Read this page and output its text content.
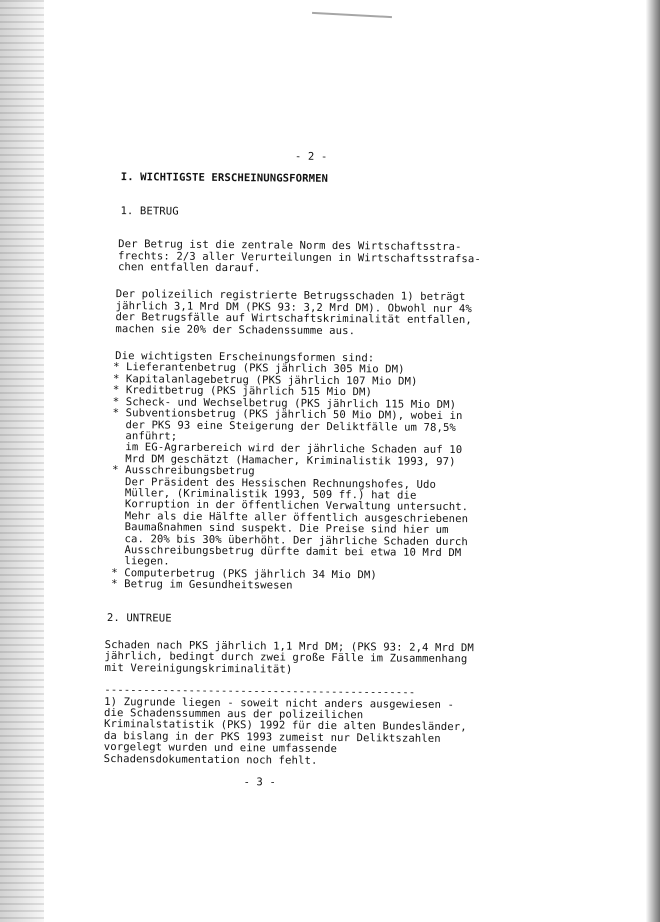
- 2 -
I. WICHTIGSTE ERSCHEINUNGSFORMEN
1. BETRUG
Der Betrug ist die zentrale Norm des Wirtschaftsstra-
frechts: 2/3 aller Verurteilungen in Wirtschaftsstrafsa-
chen entfallen darauf.
Der polizeilich registrierte Betrugsschaden 1) beträgt
jährlich 3,1 Mrd DM (PKS 93: 3,2 Mrd DM). Obwohl nur 4%
der Betrugsfälle auf Wirtschaftskriminalität entfallen,
machen sie 20% der Schadenssumme aus.
Die wichtigsten Erscheinungsformen sind:
* Lieferantenbetrug (PKS jährlich 305 Mio DM)
* Kapitalanlagebetrug (PKS jährlich 107 Mio DM)
* Kreditbetrug (PKS jährlich 515 Mio DM)
* Scheck- und Wechselbetrug (PKS jährlich 115 Mio DM)
* Subventionsbetrug (PKS jährlich 50 Mio DM), wobei in
der PKS 93 eine Steigerung der Deliktfälle um 78,5%
anführt;
im EG-Agrarbereich wird der jährliche Schaden auf 10
Mrd DM geschätzt (Hamacher, Kriminalistik 1993, 97)
* Ausschreibungsbetrug
Der Präsident des Hessischen Rechnungshofes, Udo
Müller, (Kriminalistik 1993, 509 ff.) hat die
Korruption in der öffentlichen Verwaltung untersucht.
Mehr als die Hälfte aller öffentlich ausgeschriebenen
Baumaßnahmen sind suspekt. Die Preise sind hier um
ca. 20% bis 30% überhöht. Der jährliche Schaden durch
Ausschreibungsbetrug dürfte damit bei etwa 10 Mrd DM
liegen.
* Computerbetrug (PKS jährlich 34 Mio DM)
* Betrug im Gesundheitswesen
2. UNTREUE
Schaden nach PKS jährlich 1,1 Mrd DM; (PKS 93: 2,4 Mrd DM
jährlich, bedingt durch zwei große Fälle im Zusammenhang
mit Vereinigungskriminalität)
------------------------------------------------
1) Zugrunde liegen - soweit nicht anders ausgewiesen -
die Schadenssummen aus der polizeilichen
Kriminalstatistik (PKS) 1992 für die alten Bundesländer,
da bislang in der PKS 1993 zumeist nur Deliktszahlen
vorgelegt wurden und eine umfassende
Schadensdokumentation noch fehlt.
- 3 -
